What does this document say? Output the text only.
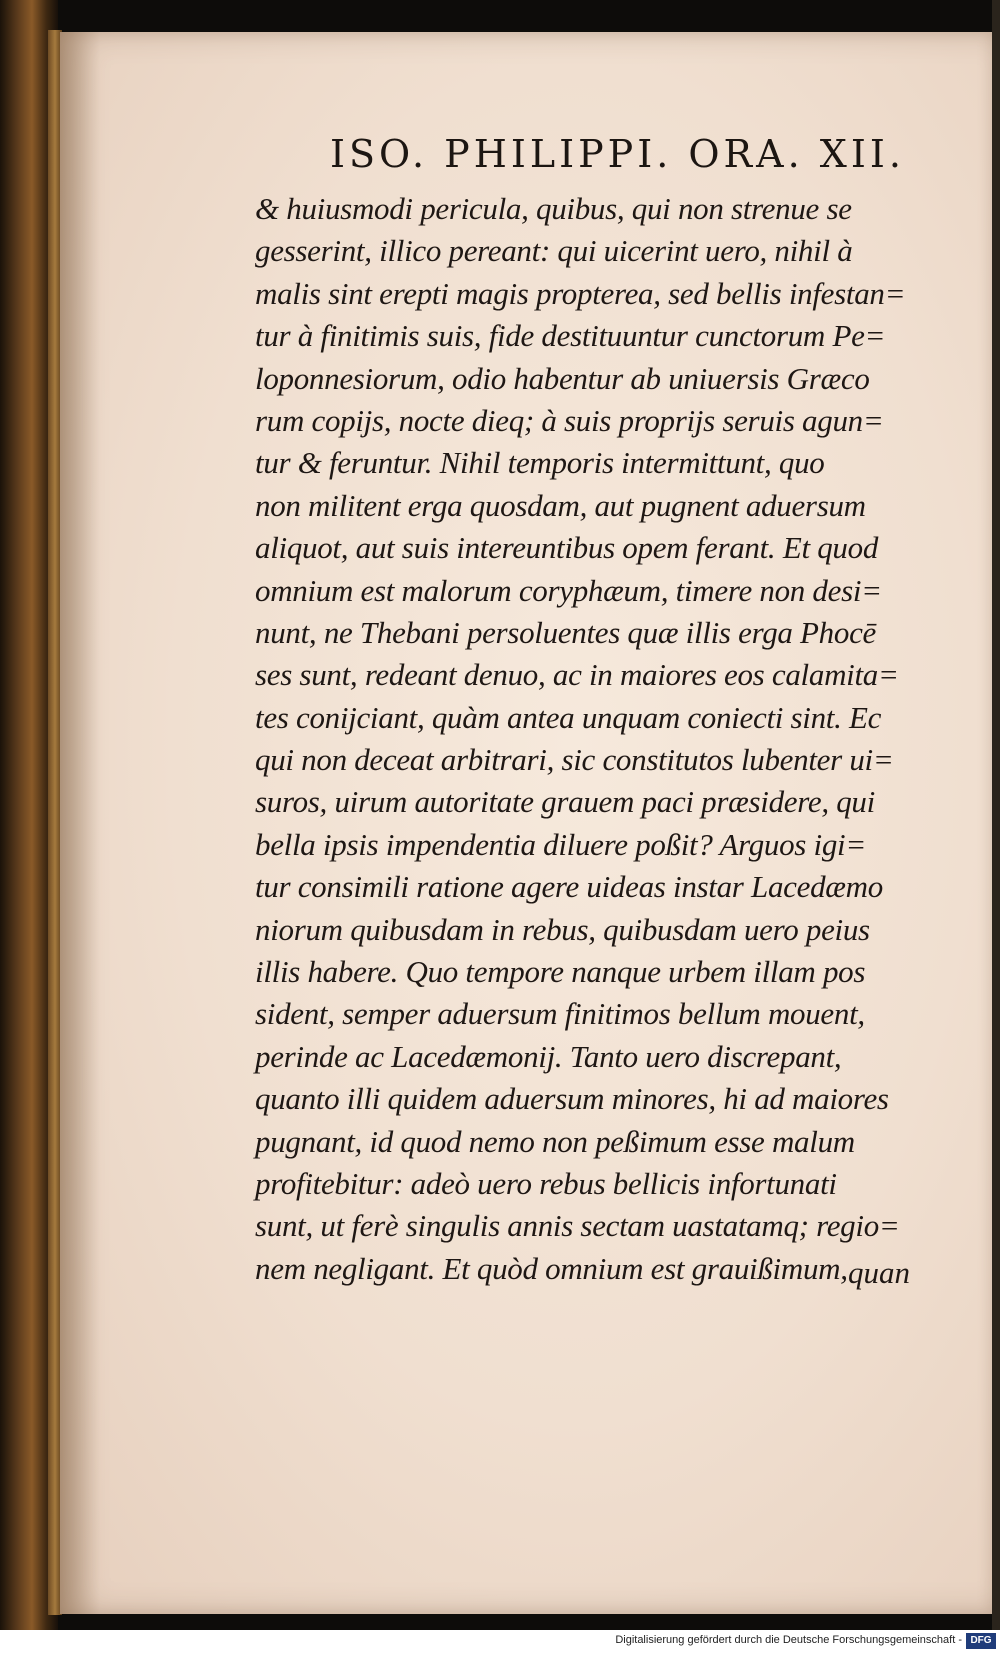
ISO. PHILIPPI. ORA. XII.
& huiusmodi pericula, quibus, qui non strenue se
gesserint, illico pereant: qui uicerint uero, nihil à
malis sint erepti magis propterea, sed bellis infestan=
tur à finitimis suis, fide destituuntur cunctorum Pe=
loponnesiorum, odio habentur ab uniuersis Græco
rum copijs, nocte dieq; à suis proprijs seruis agun=
tur & feruntur. Nihil temporis intermittunt, quo
non militent erga quosdam, aut pugnent aduersum
aliquot, aut suis intereuntibus opem ferant. Et quod
omnium est malorum coryphæum, timere non desi=
nunt, ne Thebani persoluentes quæ illis erga Phocē
ses sunt, redeant denuo, ac in maiores eos calamita=
tes conijciant, quàm antea unquam coniecti sint. Ec
qui non deceat arbitrari, sic constitutos lubenter ui=
suros, uirum autoritate grauem paci præsidere, qui
bella ipsis impendentia diluere poßit? Arguos igi=
tur consimili ratione agere uideas instar Lacedæmo
niorum quibusdam in rebus, quibusdam uero peius
illis habere. Quo tempore nanque urbem illam pos
sident, semper aduersum finitimos bellum mouent,
perinde ac Lacedæmonij. Tanto uero discrepant,
quanto illi quidem aduersum minores, hi ad maiores
pugnant, id quod nemo non peßimum esse malum
profitebitur: adeò uero rebus bellicis infortunati
sunt, ut ferè singulis annis sectam uastatamq; regio=
nem negligant. Et quòd omnium est grauißimum, quan
Digitalisierung gefördert durch die Deutsche Forschungsgemeinschaft - DFG
